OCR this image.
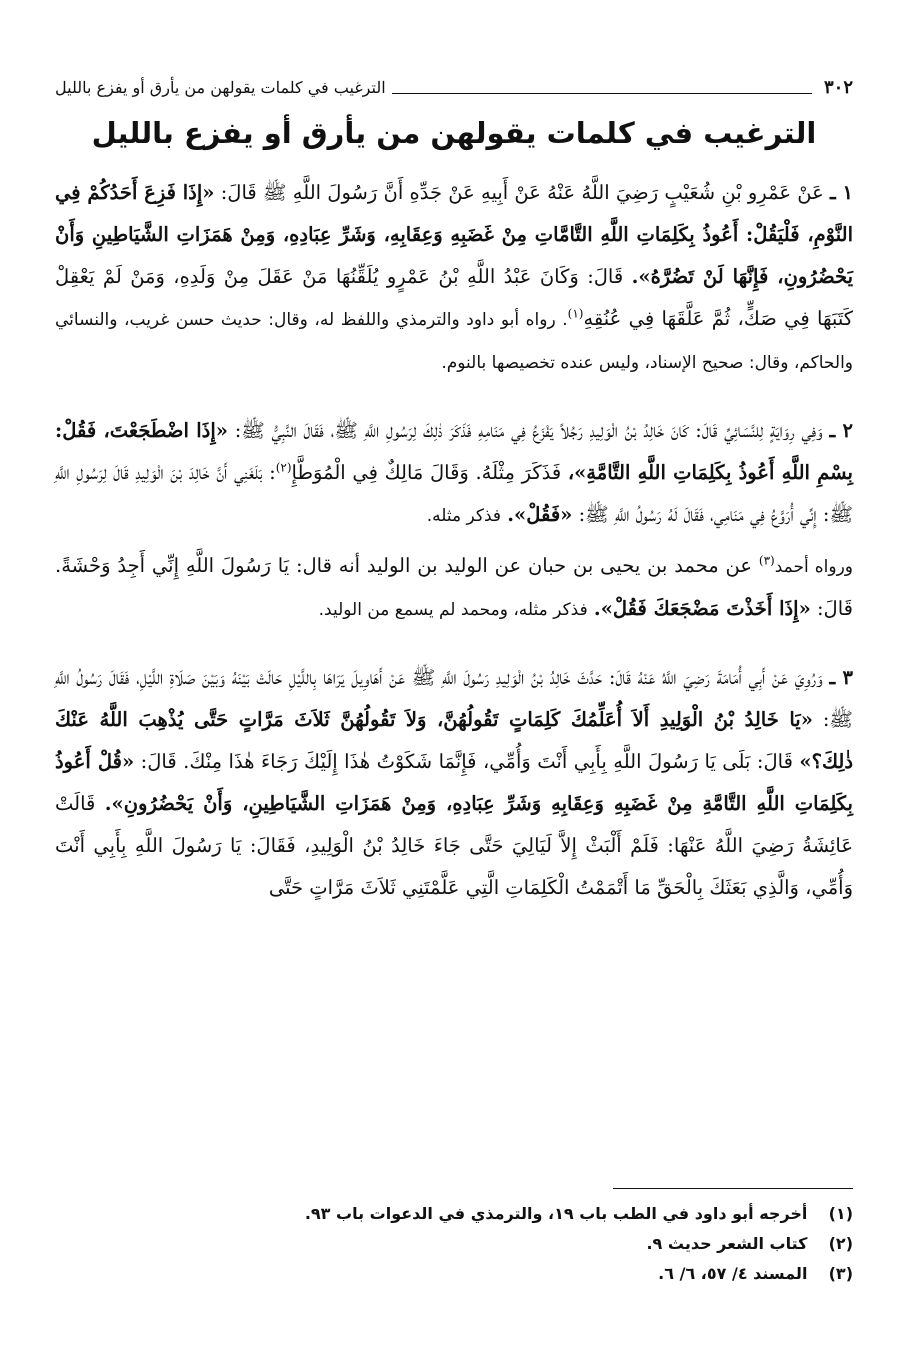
٣٠٢
الترغيب في كلمات يقولهن من يأرق أو يفزع بالليل
الترغيب في كلمات يقولهن من يأرق أو يفزع بالليل

١ ـ عَنْ عَمْرِو بْنِ شُعَيْبٍ رَضِيَ اللَّهُ عَنْهُ عَنْ أَبِيهِ عَنْ جَدِّهِ أَنَّ رَسُولَ اللَّهِ ﷺ قَالَ: «إِذَا فَزِعَ أَحَدُكُمْ فِي النَّوْمِ، فَلْيَقُلْ: أَعُوذُ بِكَلِمَاتِ اللَّهِ التَّامَّاتِ مِنْ غَضَبِهِ وَعِقَابِهِ، وَشَرِّ عِبَادِهِ، وَمِنْ هَمَزَاتِ الشَّيَاطِينِ وَأَنْ يَحْضُرُونِ، فَإِنَّهَا لَنْ تَضُرَّهُ». قَالَ: وَكَانَ عَبْدُ اللَّهِ بْنُ عَمْرٍو يُلَقِّنُهَا مَنْ عَقَلَ مِنْ وَلَدِهِ، وَمَنْ لَمْ يَعْقِلْ كَتَبَهَا فِي صَكٍّ، ثُمَّ عَلَّقَهَا فِي عُنُقِهِ$^{(١)}$. رواه أبو داود والترمذي واللفظ له، وقال: حديث حسن غريب، والنسائي والحاكم، وقال: صحيح الإسناد، وليس عنده تخصيصها بالنوم.

٢ ـ وَفِي رِوَايَةٍ لِلنَّسَائِيِّ قَالَ: كَانَ خَالِدُ بْنُ الْوَلِيدِ رَجُلاً يَفْزَعُ فِي مَنَامِهِ فَذَكَرَ ذٰلِكَ لِرَسُولِ اللَّهِ ﷺ، فَقَالَ النَّبِيُّ ﷺ: «إِذَا اضْطَجَعْتَ، فَقُلْ: بِسْمِ اللَّهِ أَعُوذُ بِكَلِمَاتِ اللَّهِ التَّامَّةِ»، فَذَكَرَ مِثْلَهُ. وَقَالَ مَالِكٌ فِي الْمُوَطَّإِ$^{(٢)}$: بَلَغَنِي أَنَّ خَالِدَ بْنَ الْوَلِيدِ قَالَ لِرَسُولِ اللَّهِ ﷺ: إِنِّي أُرَوَّعُ فِي مَنَامِي، فَقَالَ لَهُ رَسُولُ اللَّهِ ﷺ: «فَقُلْ». فذكر مثله.

ورواه أحمد$^{(٣)}$ عن محمد بن يحيى بن حبان عن الوليد بن الوليد أنه قال: يَا رَسُولَ اللَّهِ إِنِّي أَجِدُ وَحْشَةً. قَالَ: «إِذَا أَخَذْتَ مَضْجَعَكَ فَقُلْ». فذكر مثله، ومحمد لم يسمع من الوليد.

٣ ـ وَرُوِيَ عَنْ أَبِي أُمَامَةَ رَضِيَ اللَّهُ عَنْهُ قَالَ: حَدَّثَ خَالِدُ بْنُ الْوَلِيدِ رَسُولَ اللَّهِ ﷺ عَنْ أَهَاوِيلَ يَرَاهَا بِاللَّيْلِ حَالَتْ بَيْنَهُ وَبَيْنَ صَلَاةِ اللَّيْلِ، فَقَالَ رَسُولُ اللَّهِ ﷺ: «يَا خَالِدُ بْنُ الْوَلِيدِ أَلاَ أُعَلِّمُكَ كَلِمَاتٍ تَقُولُهُنَّ، وَلاَ تَقُولُهُنَّ ثَلاَثَ مَرَّاتٍ حَتَّى يُذْهِبَ اللَّهُ عَنْكَ ذٰلِكَ؟» قَالَ: بَلَى يَا رَسُولَ اللَّهِ بِأَبِي أَنْتَ وَأُمِّي، فَإِنَّمَا شَكَوْتُ هٰذَا إِلَيْكَ رَجَاءَ هٰذَا مِنْكَ. قَالَ: «قُلْ أَعُوذُ بِكَلِمَاتِ اللَّهِ التَّامَّةِ مِنْ غَضَبِهِ وَعِقَابِهِ وَشَرِّ عِبَادِهِ، وَمِنْ هَمَزَاتِ الشَّيَاطِينِ، وَأَنْ يَحْضُرُونِ». قَالَتْ عَائِشَةُ رَضِيَ اللَّهُ عَنْهَا: فَلَمْ أَلْبَثْ إِلاَّ لَيَالِيَ حَتَّى جَاءَ خَالِدُ بْنُ الْوَلِيدِ، فَقَالَ: يَا رَسُولَ اللَّهِ بِأَبِي أَنْتَ وَأُمِّي، وَالَّذِي بَعَثَكَ بِالْحَقِّ مَا أَتْمَمْتُ الْكَلِمَاتِ الَّتِي عَلَّمْتَنِي ثَلاَثَ مَرَّاتٍ حَتَّى

(١) أخرجه أبو داود في الطب باب ١٩، والترمذي في الدعوات باب ٩٣.
(٢) كتاب الشعر حديث ٩.
(٣) المسند ٤/ ٥٧، ٦/ ٦.
